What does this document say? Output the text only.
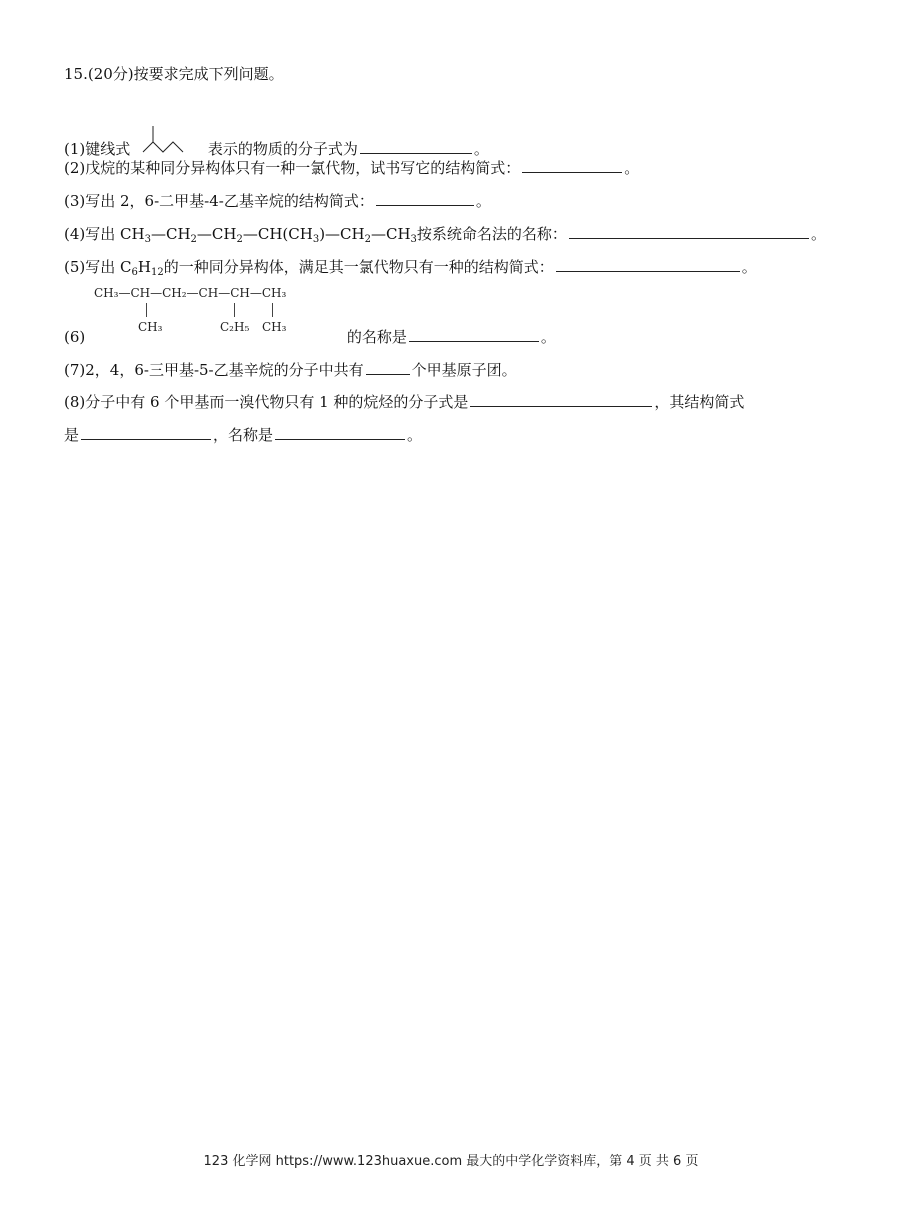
15.(20分)按要求完成下列问题。
(1)键线式	表示的物质的分子式为	。
(2)戊烷的某种同分异构体只有一种一氯代物，试书写它的结构简式：	。
(3)写出 2，6-二甲基-4-乙基辛烷的结构简式：	。
(4)写出 $CH_3—CH_2—CH_2—CH(CH_3)—CH_2—CH_3$按系统命名法的名称：	。
(5)写出 $C_6H_{12}$的一种同分异构体，满足其一氯代物只有一种的结构简式：	。
CH₃—CH—CH₂—CH—CH—CH₃
CH₃	C₂H₅ CH₃
(6)	的名称是	。
(7)2，4，6-三甲基-5-乙基辛烷的分子中共有	个甲基原子团。
(8)分子中有 6 个甲基而一溴代物只有 1 种的烷烃的分子式是	，其结构简式
是	，名称是	。
123 化学网 https://www.123huaxue.com 最大的中学化学资料库，第 4 页 共 6 页
